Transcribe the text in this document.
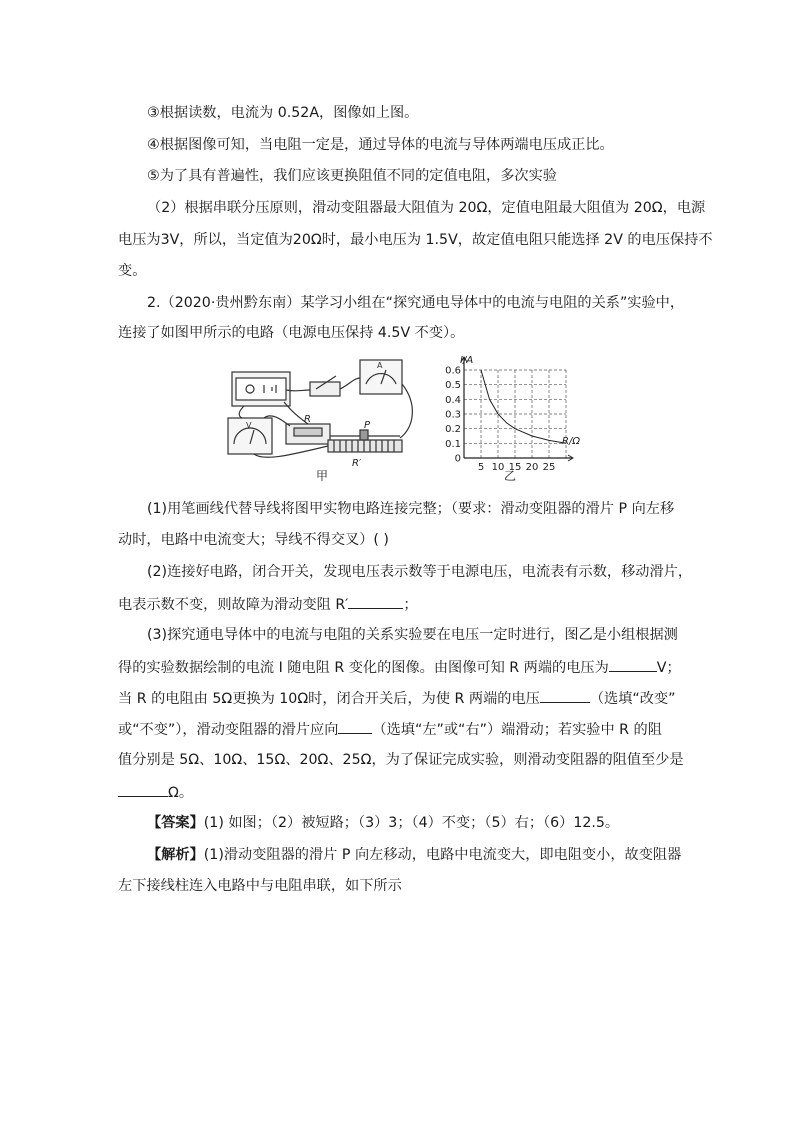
③根据读数，电流为 0.52A，图像如上图。
④根据图像可知，当电阻一定是，通过导体的电流与导体两端电压成正比。
⑤为了具有普遍性，我们应该更换阻值不同的定值电阻，多次实验
（2）根据串联分压原则，滑动变阻器最大阻值为 20Ω，定值电阻最大阻值为 20Ω，电源
电压为3V，所以，当定值为20Ω时，最小电压为 1.5V，故定值电阻只能选择 2V 的电压保持不
变。
2.（2020·贵州黔东南）某学习小组在“探究通电导体中的电流与电阻的关系”实验中，
连接了如图甲所示的电路（电源电压保持 4.5V 不变）。
A
V
R
P
R′
甲
0.6
0.5
0.4
0.3
0.2
0.1
0
5 10 15 20 25
I/A
R/Ω
乙
(1)用笔画线代替导线将图甲实物电路连接完整；（要求：滑动变阻器的滑片 P 向左移
动时，电路中电流变大；导线不得交叉）( )
(2)连接好电路，闭合开关，发现电压表示数等于电源电压，电流表有示数，移动滑片，
电表示数不变，则故障为滑动变阻 R′	；
(3)探究通电导体中的电流与电阻的关系实验要在电压一定时进行，图乙是小组根据测
得的实验数据绘制的电流 I 随电阻 R 变化的图像。由图像可知 R 两端的电压为	V；
当 R 的电阻由 5Ω更换为 10Ω时，闭合开关后，为使 R 两端的电压	（选填“改变”
或“不变”），滑动变阻器的滑片应向 （选填“左”或“右”）端滑动；若实验中 R 的阻
值分别是 5Ω、10Ω、15Ω、20Ω、25Ω，为了保证完成实验，则滑动变阻器的阻值至少是
Ω。
【答案】(1) 如图；（2）被短路；（3）3；（4）不变；（5）右；（6）12.5。
【解析】(1)滑动变阻器的滑片 P 向左移动，电路中电流变大，即电阻变小，故变阻器
左下接线柱连入电路中与电阻串联，如下所示
